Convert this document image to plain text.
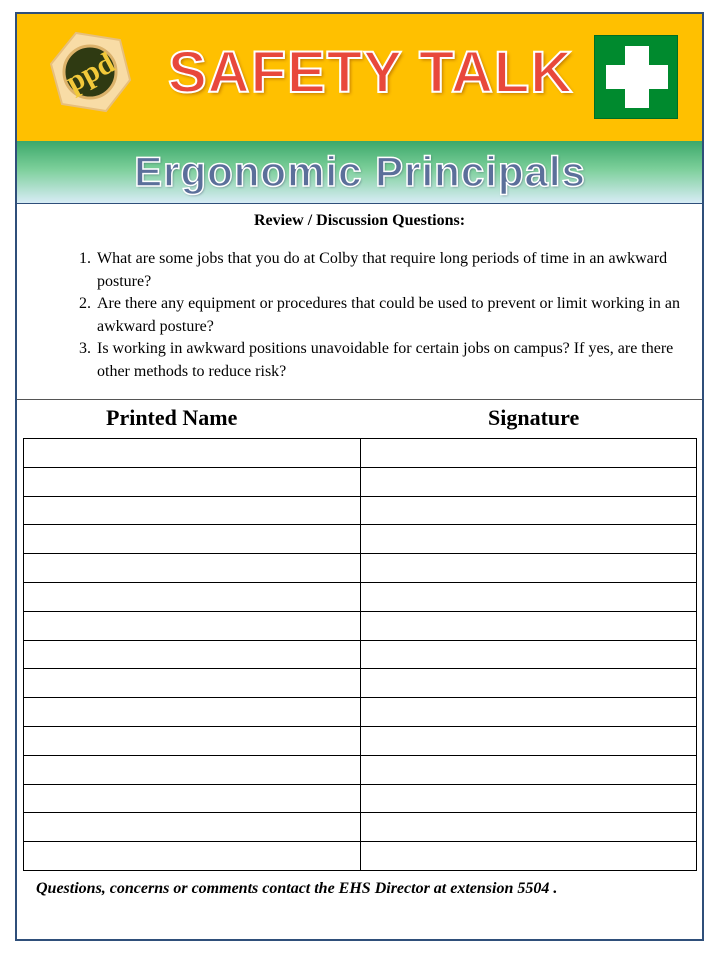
ppd SAFETY TALK
Ergonomic Principals
Review / Discussion Questions:
1. What are some jobs that you do at Colby that require long periods of time in an awkward posture?
2. Are there any equipment or procedures that could be used to prevent or limit working in an awkward posture?
3. Is working in awkward positions unavoidable for certain jobs on campus? If yes, are there other methods to reduce risk?
Printed Name	Signature

Questions, concerns or comments contact the EHS Director at extension 5504 .
